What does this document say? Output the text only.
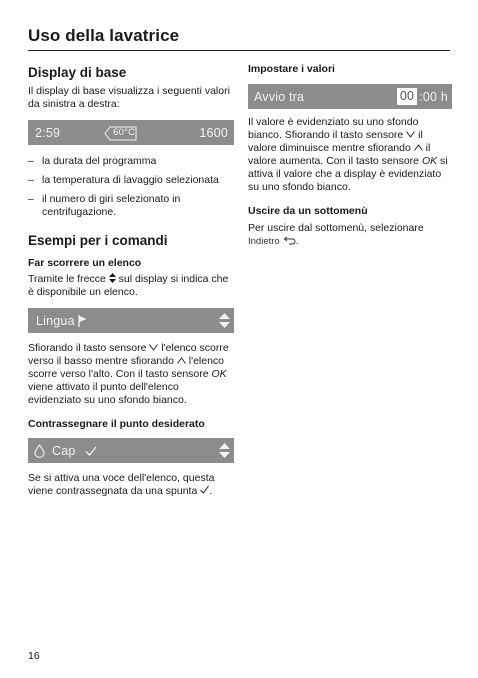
Uso della lavatrice
Display di base

Il display di base visualizza i seguenti valori da sinistra a destra:

2:59	60°C	1600
– la durata del programma
– la temperatura di lavaggio selezionata
– il numero di giri selezionato in centrifugazione.
Esempi per i comandi
Far scorrere un elenco

Tramite le frecce sul display si indica che è disponibile un elenco.

Lingua

Sfiorando il tasto sensore
l'elenco scorre verso il basso mentre sfiorando
l'elenco scorre verso l'alto. Con il tasto sensore OK viene attivato il punto dell'elenco evidenziato su uno sfondo bianco.

Contrassegnare il punto desiderato
Cap

Se si attiva una voce dell'elenco, questa viene contrassegnata da una spunta .

Impostare i valori
Avvio tra	00 :00 h

Il valore è evidenziato su uno sfondo bianco. Sfiorando il tasto sensore
il valore diminuisce mentre sfiorando
il valore aumenta. Con il tasto sensore OK si attiva il valore che a display è evidenziato su uno sfondo bianco.

Uscire da un sottomenù

Per uscire dal sottomenù, selezionare Indietro .

16
